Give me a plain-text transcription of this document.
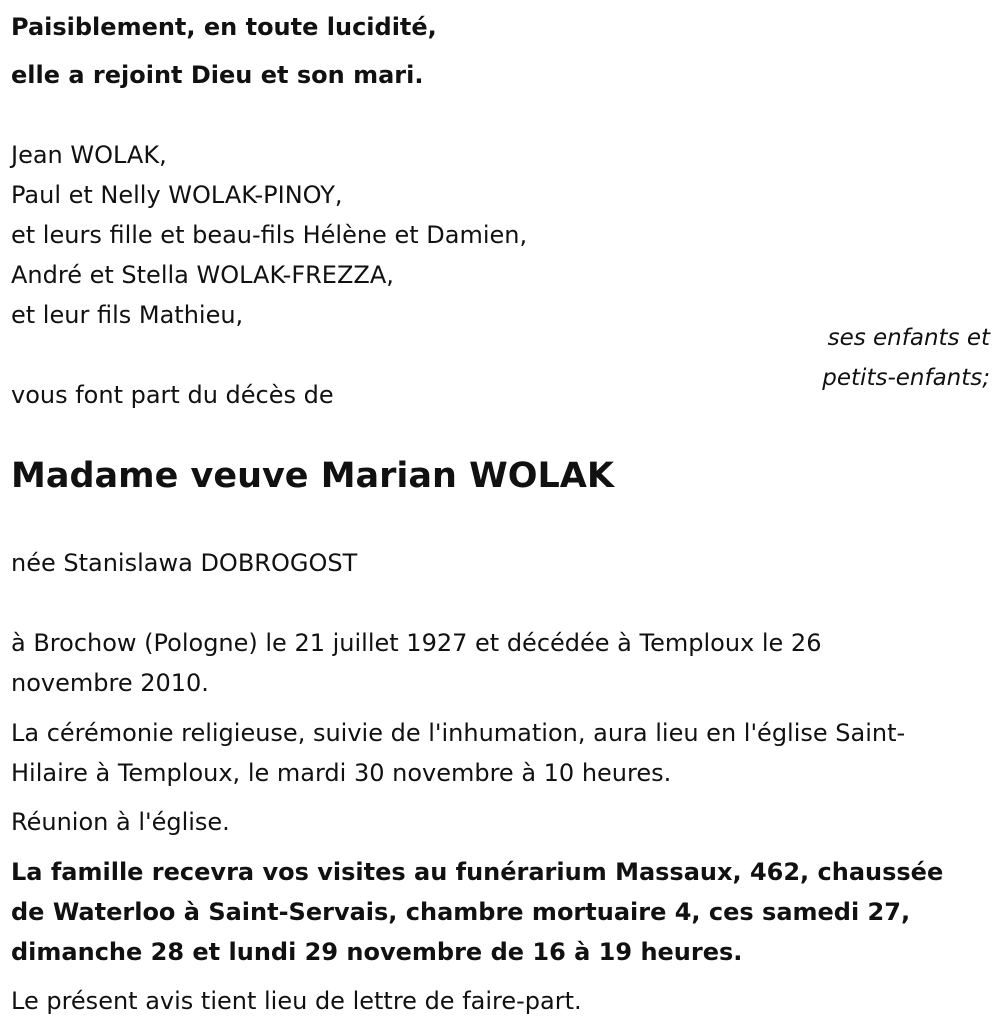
Paisiblement, en toute lucidité,
elle a rejoint Dieu et son mari.
Jean WOLAK,
Paul et Nelly WOLAK-PINOY,
et leurs fille et beau-fils Hélène et Damien,
André et Stella WOLAK-FREZZA,
et leur fils Mathieu,
ses enfants et
petits-enfants;
vous font part du décès de
Madame veuve Marian WOLAK
née Stanislawa DOBROGOST
à Brochow (Pologne) le 21 juillet 1927 et décédée à Temploux le 26
novembre 2010.
La cérémonie religieuse, suivie de l'inhumation, aura lieu en l'église Saint-
Hilaire à Temploux, le mardi 30 novembre à 10 heures.
Réunion à l'église.
La famille recevra vos visites au funérarium Massaux, 462, chaussée
de Waterloo à Saint-Servais, chambre mortuaire 4, ces samedi 27,
dimanche 28 et lundi 29 novembre de 16 à 19 heures.
Le présent avis tient lieu de lettre de faire-part.
